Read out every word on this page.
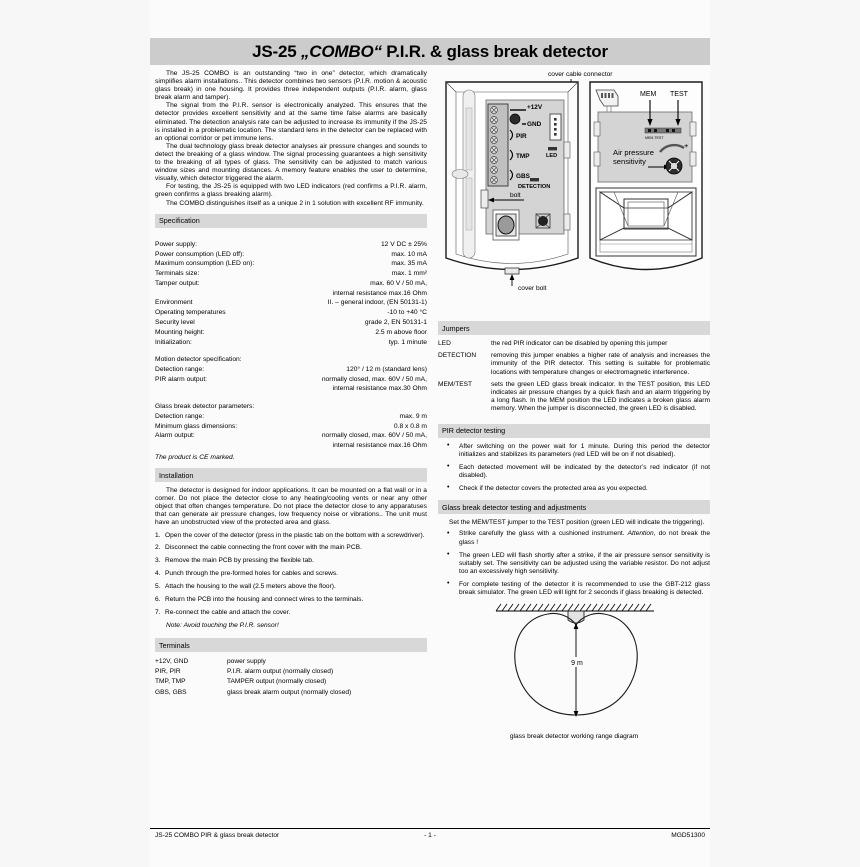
JS-25 „COMBO“ P.I.R. & glass break detector

The JS-25 COMBO is an outstanding “two in one” detector, which dramatically simplifies alarm installations.. This detector combines two sensors (P.I.R. motion & acoustic glass break) in one housing. It provides three independent outputs (P.I.R. alarm, glass break alarm and tamper).

The signal from the P.I.R. sensor is electronically analyzed. This ensures that the detector provides excellent sensitivity and at the same time false alarms are basically eliminated. The detection analysis rate can be adjusted to increase its immunity if the JS-25 is installed in a problematic location. The standard lens in the detector can be replaced with an optional corridor or pet immune lens.

The dual technology glass break detector analyses air pressure changes and sounds to detect the breaking of a glass window. The signal processing guarantees a high sensitivity to the breaking of all types of glass. The sensitivity can be adjusted to match various window sizes and mounting distances. A memory feature enables the user to determine, visually, which detector triggered the alarm.

For testing, the JS-25 is equipped with two LED indicators (red confirms a P.I.R. alarm, green confirms a glass breaking alarm).

The COMBO distinguishes itself as a unique 2 in 1 solution with excellent RF immunity.

Specification

Power supply:	12 V DC ± 25%
Power consumption (LED off):	max. 10 mA
Maximum consumption (LED on):	max. 35 mA
Terminals size:	max. 1 mm²
Tamper output:	max. 60 V / 50 mA,
	internal resistance max.16 Ohm
Environment	II. – general indoor, (EN 50131-1)
Operating temperatures	-10 to +40 °C
Security level	grade 2, EN 50131-1
Mounting height:	2.5 m above floor
Initialization:	typ. 1 minute

Motion detector specification:	
Detection range:	120° / 12 m (standard lens)
PIR alarm output:	normally closed, max. 60V / 50 mA,
	internal resistance max.30 Ohm

Glass break detector parameters:	
Detection range:	max. 9 m
Minimum glass dimensions:	0.8 x 0.8 m
Alarm output:	normally closed, max. 60V / 50 mA,
	internal resistance max.16 Ohm
The product is CE marked.
Installation

The detector is designed for indoor applications. It can be mounted on a flat wall or in a corner. Do not place the detector close to any heating/cooling vents or near any other object that often changes temperature. Do not place the detector close to any apparatuses that can generate air pressure changes, low frequency noise or vibrations.. The unit must have an unobstructed view of the protected area and glass.

Open the cover of the detector (press in the plastic tab on the bottom with a screwdriver).
Disconnect the cable connecting the front cover with the main PCB.
Remove the main PCB by pressing the flexible tab.
Punch through the pre-formed holes for cables and screws.
Attach the housing to the wall (2.5 meters above the floor).
Return the PCB into the housing and connect wires to the terminals.
Re-connect the cable and attach the cover.
Note: Avoid touching the P.I.R. sensor!
Terminals
+12V, GND	power supply
PIR, PIR	P.I.R. alarm output (normally closed)
TMP, TMP	TAMPER output (normally closed)
GBS, GBS	glass break alarm output (normally closed)
cover cable connector
+12V
GND
PIR
TMP
GBS
LED
DETECTION
bolt
cover bolt
MEM TEST
MEM TEST
Air pressure
sensitivity
+
Jumpers
LED	the red PIR indicator can be disabled by opening this jumper
DETECTION	removing this jumper enables a higher rate of analysis and increases the immunity of the PIR detector. This setting is suitable for problematic locations with temperature changes or electromagnetic interference.
MEM/TEST	sets the green LED glass break indicator. In the TEST position, this LED indicates air pressure changes by a quick flash and an alarm triggering by a long flash. In the MEM position the LED indicates a broken glass alarm memory. When the jumper is disconnected, the green LED is disabled.
PIR detector testing
• After switching on the power wait for 1 minute. During this period the detector initializes and stabilizes its parameters (red LED will be on if not disabled).
• Each detected movement will be indicated by the detector’s red indicator (if not disabled).
• Check if the detector covers the protected area as you expected.
Glass break detector testing and adjustments

Set the MEM/TEST jumper to the TEST position (green LED will indicate the triggering).

• Strike carefully the glass with a cushioned instrument. Attention, do not break the glass !
• The green LED will flash shortly after a strike, if the air pressure sensor sensitivity is suitably set. The sensitivity can be adjusted using the variable resistor. Do not adjust too an excessively high sensitivity.
• For complete testing of the detector it is recommended to use the GBT-212 glass break simulator. The green LED will light for 2 seconds if glass breaking is detected.
9 m
glass break detector working range diagram
JS-25 COMBO PIR & glass break detector	- 1 -	MGD51300
